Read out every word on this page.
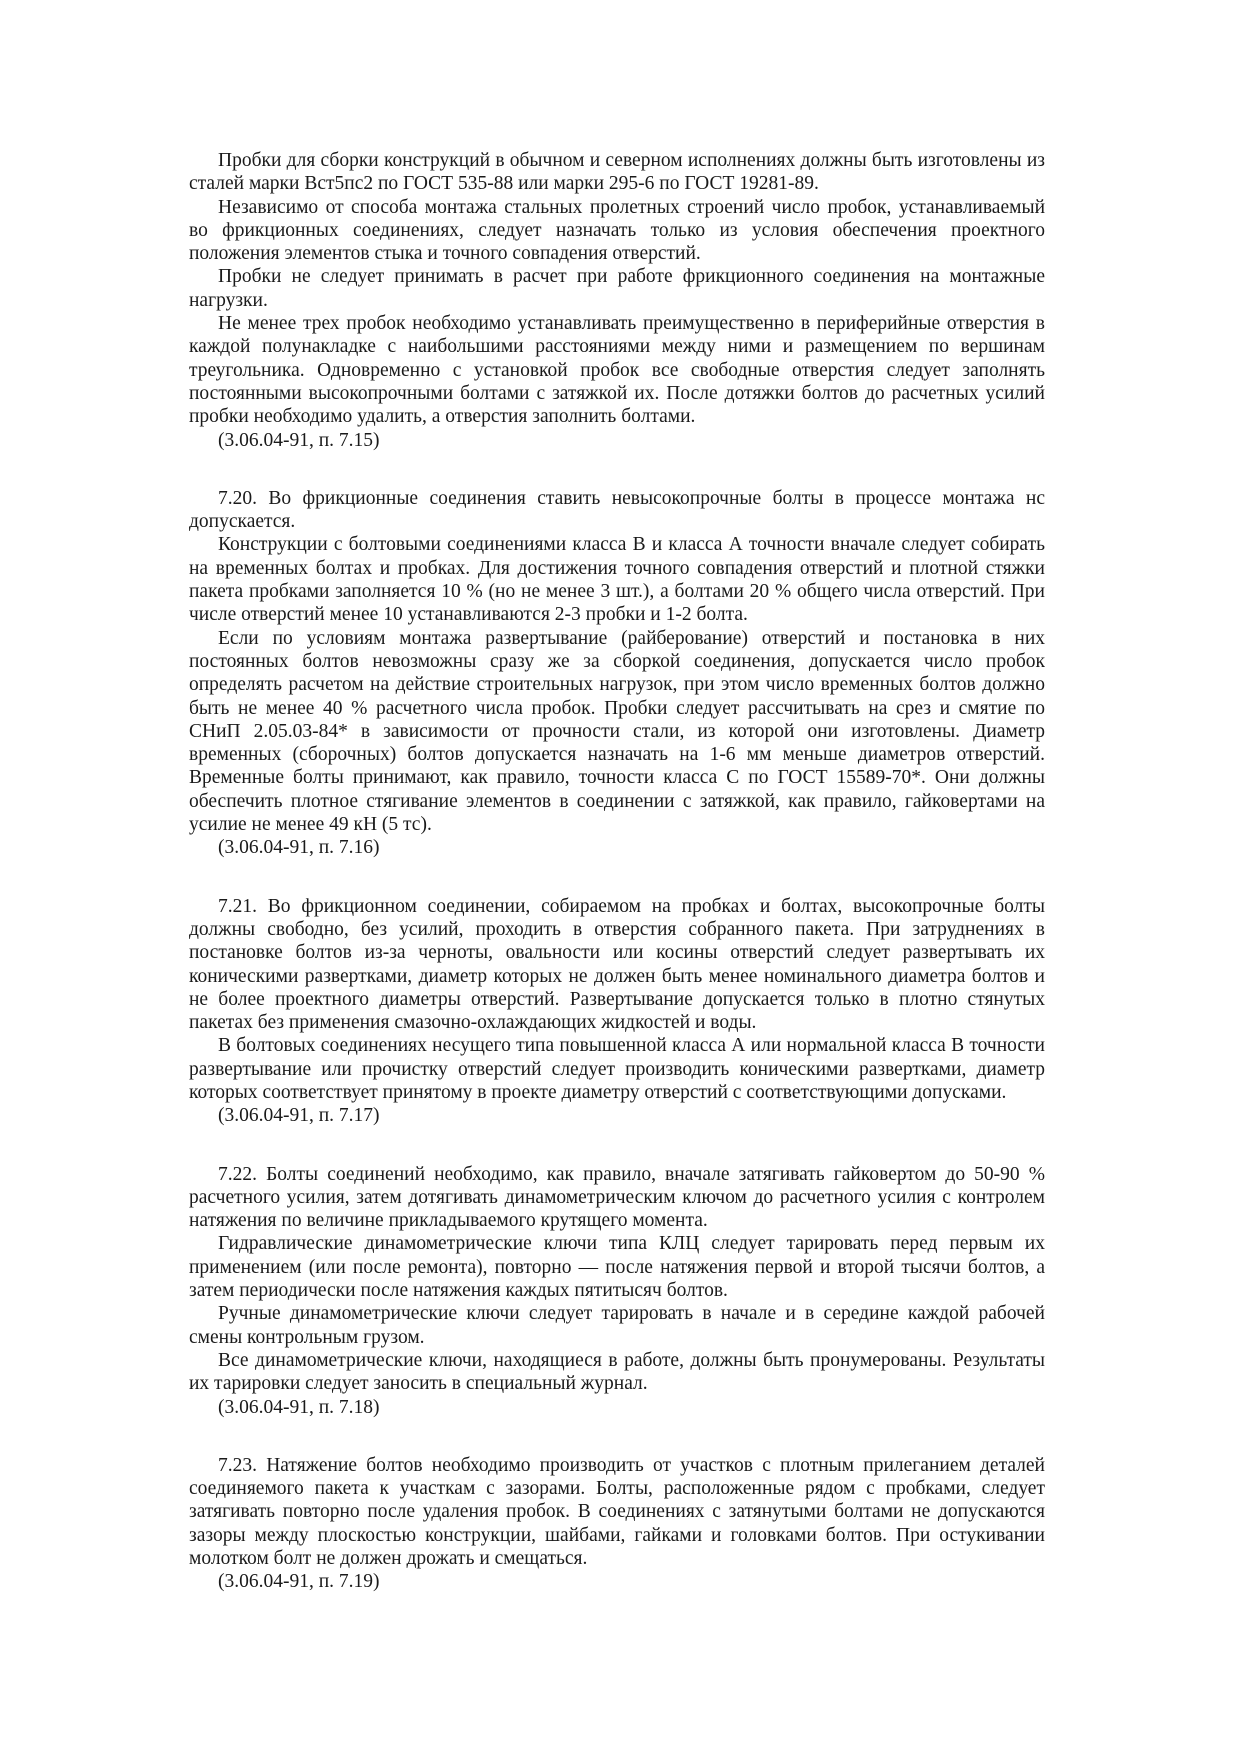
Пробки для сборки конструкций в обычном и северном исполнениях должны быть изготовлены из сталей марки Вст5пс2 по ГОСТ 535-88 или марки 295-6 по ГОСТ 19281-89.

Независимо от способа монтажа стальных пролетных строений число пробок, устанавливаемый во фрикционных соединениях, следует назначать только из условия обеспечения проектного положения элементов стыка и точного совпадения отверстий.

Пробки не следует принимать в расчет при работе фрикционного соединения на монтажные нагрузки.

Не менее трех пробок необходимо устанавливать преимущественно в периферийные отверстия в каждой полунакладке с наибольшими расстояниями между ними и размещением по вершинам треугольника. Одновременно с установкой пробок все свободные отверстия следует заполнять постоянными высокопрочными болтами с затяжкой их. После дотяжки болтов до расчетных усилий пробки необходимо удалить, а отверстия заполнить болтами.

(3.06.04-91, п. 7.15)

7.20. Во фрикционные соединения ставить невысокопрочные болты в процессе монтажа нс допускается.

Конструкции с болтовыми соединениями класса В и класса А точности вначале следует собирать на временных болтах и пробках. Для достижения точного совпадения отверстий и плотной стяжки пакета пробками заполняется 10 % (но не менее 3 шт.), а болтами 20 % общего числа отверстий. При числе отверстий менее 10 устанавливаются 2-3 пробки и 1-2 болта.

Если по условиям монтажа развертывание (райберование) отверстий и постановка в них постоянных болтов невозможны сразу же за сборкой соединения, допускается число пробок определять расчетом на действие строительных нагрузок, при этом число временных болтов должно быть не менее 40 % расчетного числа пробок. Пробки следует рассчитывать на срез и смятие по СНиП 2.05.03-84* в зависимости от прочности стали, из которой они изготовлены. Диаметр временных (сборочных) болтов допускается назначать на 1-6 мм меньше диаметров отверстий. Временные болты принимают, как правило, точности класса С по ГОСТ 15589-70*. Они должны обеспечить плотное стягивание элементов в соединении с затяжкой, как правило, гайковертами на усилие не менее 49 кН (5 тс).

(3.06.04-91, п. 7.16)

7.21. Во фрикционном соединении, собираемом на пробках и болтах, высокопрочные болты должны свободно, без усилий, проходить в отверстия собранного пакета. При затруднениях в постановке болтов из-за черноты, овальности или косины отверстий следует развертывать их коническими развертками, диаметр которых не должен быть менее номинального диаметра болтов и не более проектного диаметры отверстий. Развертывание допускается только в плотно стянутых пакетах без применения смазочно-охлаждающих жидкостей и воды.

В болтовых соединениях несущего типа повышенной класса А или нормальной класса В точности развертывание или прочистку отверстий следует производить коническими развертками, диаметр которых соответствует принятому в проекте диаметру отверстий с соответствующими допусками.

(3.06.04-91, п. 7.17)

7.22. Болты соединений необходимо, как правило, вначале затягивать гайковертом до 50-90 % расчетного усилия, затем дотягивать динамометрическим ключом до расчетного усилия с контролем натяжения по величине прикладываемого крутящего момента.

Гидравлические динамометрические ключи типа КЛЦ следует тарировать перед первым их применением (или после ремонта), повторно — после натяжения первой и второй тысячи болтов, а затем периодически после натяжения каждых пятитысяч болтов.

Ручные динамометрические ключи следует тарировать в начале и в середине каждой рабочей смены контрольным грузом.

Все динамометрические ключи, находящиеся в работе, должны быть пронумерованы. Результаты их тарировки следует заносить в специальный журнал.

(3.06.04-91, п. 7.18)

7.23. Натяжение болтов необходимо производить от участков с плотным прилеганием деталей соединяемого пакета к участкам с зазорами. Болты, расположенные рядом с пробками, следует затягивать повторно после удаления пробок. В соединениях с затянутыми болтами не допускаются зазоры между плоскостью конструкции, шайбами, гайками и головками болтов. При остукивании молотком болт не должен дрожать и смещаться.

(3.06.04-91, п. 7.19)
